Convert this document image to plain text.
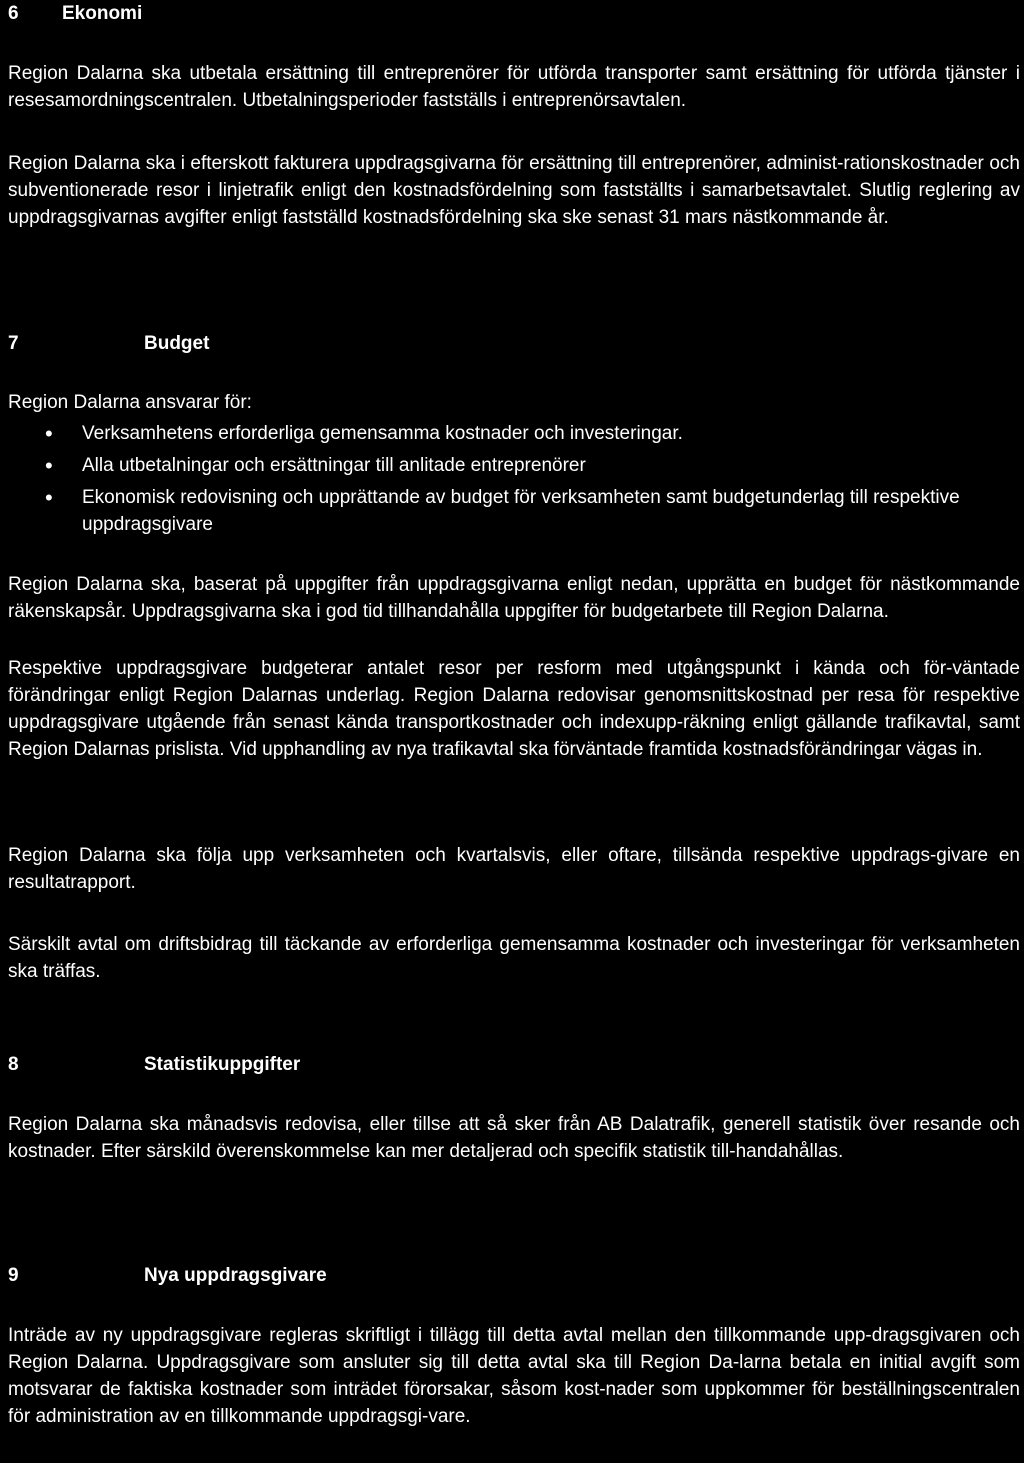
6 Ekonomi
Region Dalarna ska utbetala ersättning till entreprenörer för utförda transporter samt ersättning för utförda tjänster i resesamordningscentralen. Utbetalningsperioder fastställs i entreprenörsavtalen.
Region Dalarna ska i efterskott fakturera uppdragsgivarna för ersättning till entreprenörer, administ-rationskostnader och subventionerade resor i linjetrafik enligt den kostnadsfördelning som fastställts i samarbetsavtalet. Slutlig reglering av uppdragsgivarnas avgifter enligt fastställd kostnadsfördelning ska ske senast 31 mars nästkommande år.
7	Budget
Region Dalarna ansvarar för:
• Verksamhetens erforderliga gemensamma kostnader och investeringar.
• Alla utbetalningar och ersättningar till anlitade entreprenörer
• Ekonomisk redovisning och upprättande av budget för verksamheten samt budgetunderlag till respektive uppdragsgivare
Region Dalarna ska, baserat på uppgifter från uppdragsgivarna enligt nedan, upprätta en budget för nästkommande räkenskapsår. Uppdragsgivarna ska i god tid tillhandahålla uppgifter för budgetarbete till Region Dalarna.
Respektive uppdragsgivare budgeterar antalet resor per resform med utgångspunkt i kända och för-väntade förändringar enligt Region Dalarnas underlag. Region Dalarna redovisar genomsnittskostnad per resa för respektive uppdragsgivare utgående från senast kända transportkostnader och indexupp-räkning enligt gällande trafikavtal, samt Region Dalarnas prislista. Vid upphandling av nya trafikavtal ska förväntade framtida kostnadsförändringar vägas in.
Region Dalarna ska följa upp verksamheten och kvartalsvis, eller oftare, tillsända respektive uppdrags-givare en resultatrapport.
Särskilt avtal om driftsbidrag till täckande av erforderliga gemensamma kostnader och investeringar för verksamheten ska träffas.
8	Statistikuppgifter
Region Dalarna ska månadsvis redovisa, eller tillse att så sker från AB Dalatrafik, generell statistik över resande och kostnader. Efter särskild överenskommelse kan mer detaljerad och specifik statistik till-handahållas.
9	Nya uppdragsgivare
Inträde av ny uppdragsgivare regleras skriftligt i tillägg till detta avtal mellan den tillkommande upp-dragsgivaren och Region Dalarna. Uppdragsgivare som ansluter sig till detta avtal ska till Region Da-larna betala en initial avgift som motsvarar de faktiska kostnader som inträdet förorsakar, såsom kost-nader som uppkommer för beställningscentralen för administration av en tillkommande uppdragsgi-vare.
